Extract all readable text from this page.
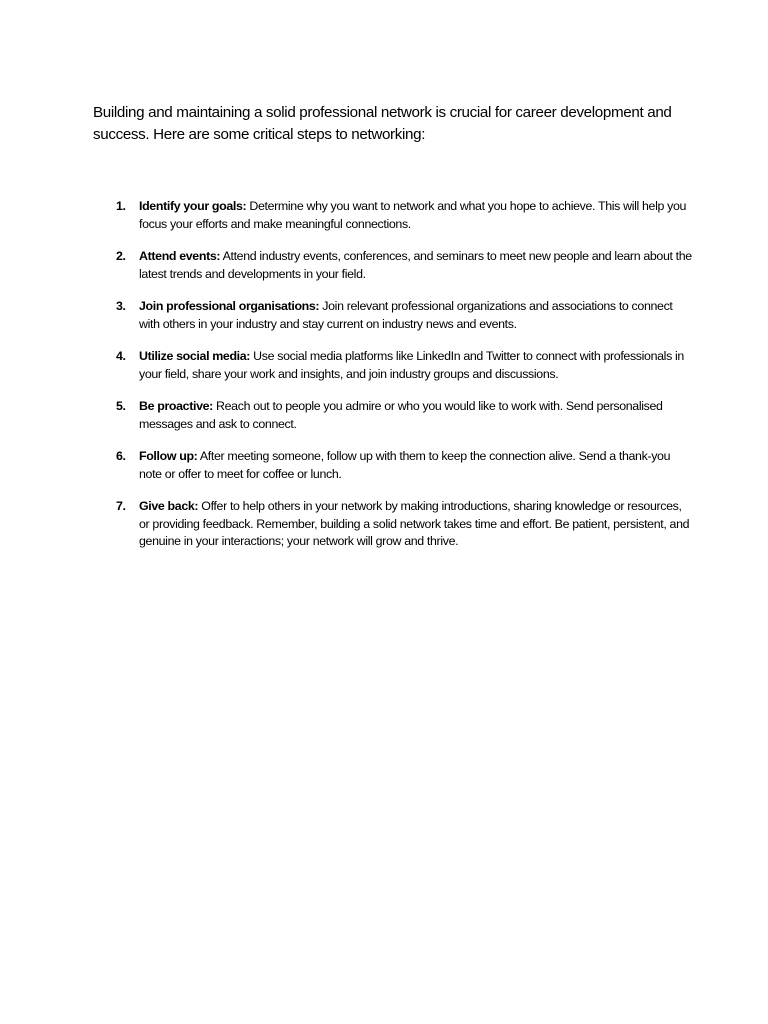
Building and maintaining a solid professional network is crucial for career development and success. Here are some critical steps to networking:

1. Identify your goals: Determine why you want to network and what you hope to achieve. This will help you focus your efforts and make meaningful connections.
2. Attend events: Attend industry events, conferences, and seminars to meet new people and learn about the latest trends and developments in your field.
3. Join professional organisations: Join relevant professional organizations and associations to connect with others in your industry and stay current on industry news and events.
4. Utilize social media: Use social media platforms like LinkedIn and Twitter to connect with professionals in your field, share your work and insights, and join industry groups and discussions.
5. Be proactive: Reach out to people you admire or who you would like to work with. Send personalised messages and ask to connect.
6. Follow up: After meeting someone, follow up with them to keep the connection alive. Send a thank-you note or offer to meet for coffee or lunch.
7. Give back: Offer to help others in your network by making introductions, sharing knowledge or resources, or providing feedback. Remember, building a solid network takes time and effort. Be patient, persistent, and genuine in your interactions; your network will grow and thrive.
